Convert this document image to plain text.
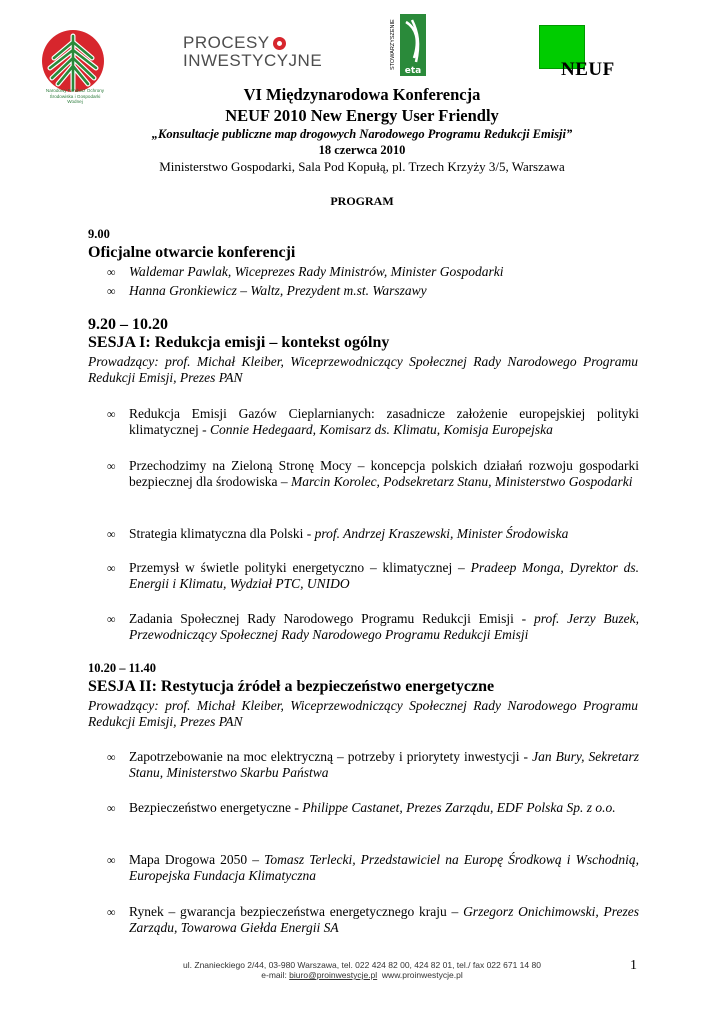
Narodowy Fundusz Ochrony Środowiska i Gospodarki Wodnej
PROCESY
INWESTYCYJNE	STOWARZYSZENIE
eta	NEUF
VI Międzynarodowa Konferencja
NEUF 2010 New Energy User Friendly
„Konsultacje publiczne map drogowych Narodowego Programu Redukcji Emisji”
18 czerwca 2010
Ministerstwo Gospodarki, Sala Pod Kopułą, pl. Trzech Krzyży 3/5, Warszawa
PROGRAM
9.00
Oficjalne otwarcie konferencji
∞ Waldemar Pawlak, Wiceprezes Rady Ministrów, Minister Gospodarki
∞ Hanna Gronkiewicz – Waltz, Prezydent m.st. Warszawy
9.20 – 10.20
SESJA I: Redukcja emisji – kontekst ogólny
Prowadzący: prof. Michał Kleiber, Wiceprzewodniczący Społecznej Rady Narodowego Programu Redukcji Emisji, Prezes PAN
∞ Redukcja Emisji Gazów Cieplarnianych: zasadnicze założenie europejskiej polityki klimatycznej - Connie Hedegaard, Komisarz ds. Klimatu, Komisja Europejska
∞ Przechodzimy na Zieloną Stronę Mocy – koncepcja polskich działań rozwoju gospodarki bezpiecznej dla środowiska – Marcin Korolec, Podsekretarz Stanu, Ministerstwo Gospodarki
∞ Strategia klimatyczna dla Polski - prof. Andrzej Kraszewski, Minister Środowiska
∞ Przemysł w świetle polityki energetyczno – klimatycznej – Pradeep Monga, Dyrektor ds. Energii i Klimatu, Wydział PTC, UNIDO
∞ Zadania Społecznej Rady Narodowego Programu Redukcji Emisji - prof. Jerzy Buzek, Przewodniczący Społecznej Rady Narodowego Programu Redukcji Emisji
10.20 – 11.40
SESJA II: Restytucja źródeł a bezpieczeństwo energetyczne
Prowadzący: prof. Michał Kleiber, Wiceprzewodniczący Społecznej Rady Narodowego Programu Redukcji Emisji, Prezes PAN
∞ Zapotrzebowanie na moc elektryczną – potrzeby i priorytety inwestycji - Jan Bury, Sekretarz Stanu, Ministerstwo Skarbu Państwa
∞ Bezpieczeństwo energetyczne - Philippe Castanet, Prezes Zarządu, EDF Polska Sp. z o.o.
∞ Mapa Drogowa 2050 – Tomasz Terlecki, Przedstawiciel na Europę Środkową i Wschodnią, Europejska Fundacja Klimatyczna
∞ Rynek – gwarancja bezpieczeństwa energetycznego kraju – Grzegorz Onichimowski, Prezes Zarządu, Towarowa Giełda Energii SA
ul. Znanieckiego 2/44, 03-980 Warszawa, tel. 022 424 82 00, 424 82 01, tel./ fax 022 671 14 80
e-mail: biuro@proinwestycje.pl www.proinwestycje.pl
1
